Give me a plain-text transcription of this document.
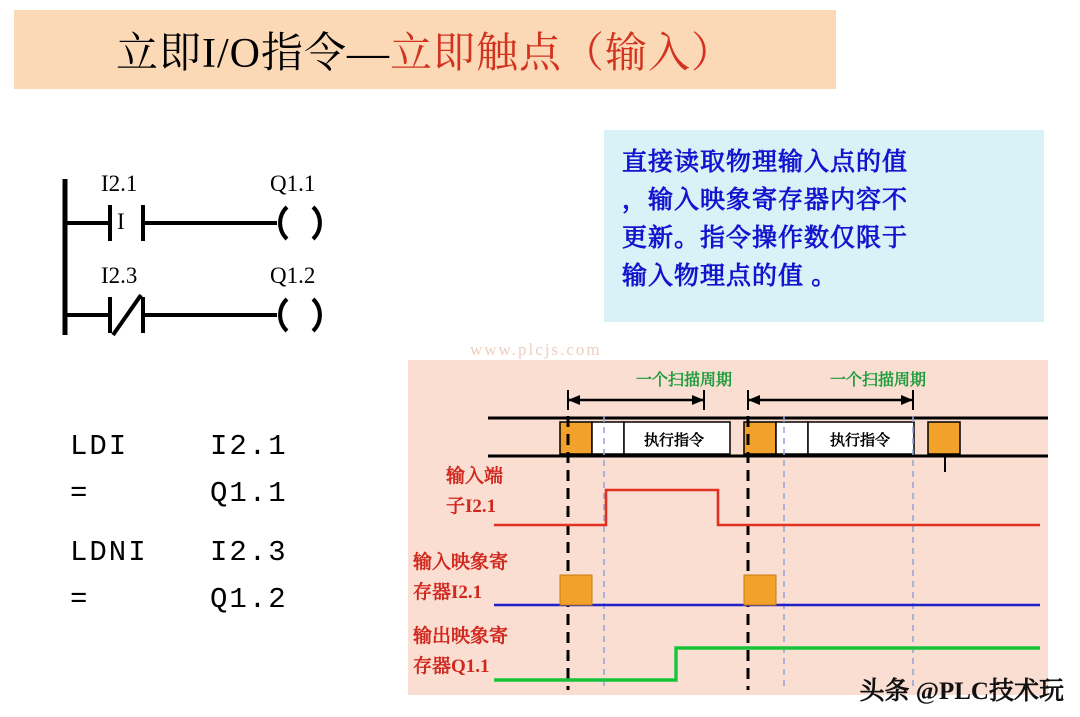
立即I/O指令—立即触点（输入）
I2.1
I
Q1.1
I2.3	Q1.2
LDI	I2.1
=	Q1.1
LDNI	I2.3
=	Q1.2

直接读取物理输入点的值

，输入映象寄存器内容不

更新。指令操作数仅限于

输入物理点的值 。

www.plcjs.com
一个扫描周期	一个扫描周期
执行指令	执行指令
输入端
子I2.1
输入映象寄
存器I2.1
输出映象寄
存器Q1.1
头条 @PLC技术玩
